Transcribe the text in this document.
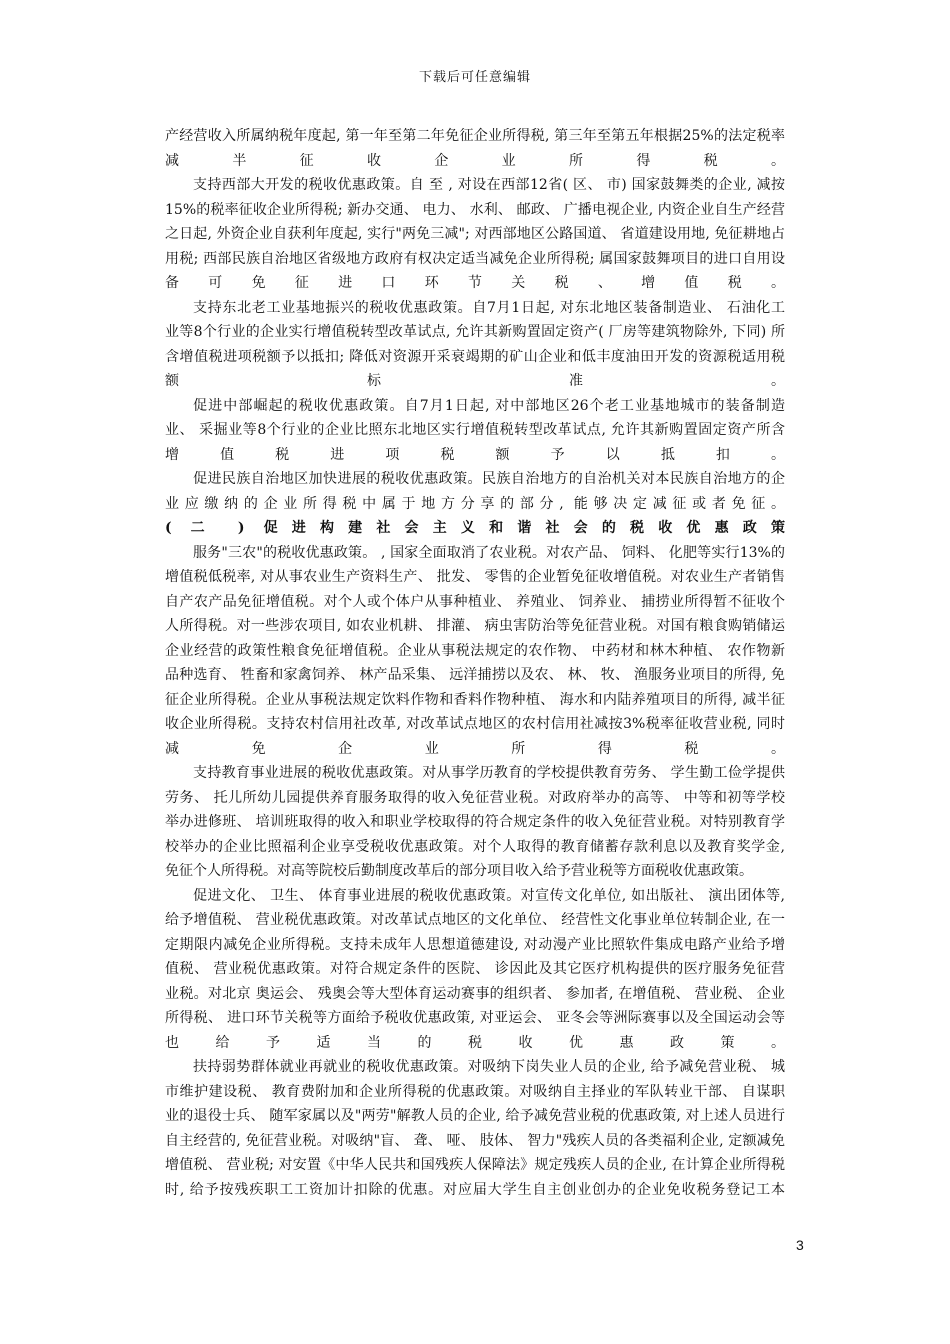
下载后可任意编辑
产经营收入所属纳税年度起, 第一年至第二年免征企业所得税, 第三年至第五年根据25%的法定税率
减半征收企业所得税。
支持西部大开发的税收优惠政策。自 至 , 对设在西部12省( 区、 市) 国家鼓舞类的企业, 减按
15%的税率征收企业所得税; 新办交通、 电力、 水利、 邮政、 广播电视企业, 内资企业自生产经营
之日起, 外资企业自获利年度起, 实行"两免三减"; 对西部地区公路国道、 省道建设用地, 免征耕地占
用税; 西部民族自治地区省级地方政府有权决定适当减免企业所得税; 属国家鼓舞项目的进口自用设
备可免征进口环节关税、增值税。
支持东北老工业基地振兴的税收优惠政策。自7月1日起, 对东北地区装备制造业、 石油化工
业等8个行业的企业实行增值税转型改革试点, 允许其新购置固定资产( 厂房等建筑物除外, 下同) 所
含增值税进项税额予以抵扣; 降低对资源开采衰竭期的矿山企业和低丰度油田开发的资源税适用税
额标准。
促进中部崛起的税收优惠政策。自7月1日起, 对中部地区26个老工业基地城市的装备制造
业、 采掘业等8个行业的企业比照东北地区实行增值税转型改革试点, 允许其新购置固定资产所含
增值税进项税额予以抵扣。
促进民族自治地区加快进展的税收优惠政策。民族自治地方的自治机关对本民族自治地方的企
业应缴纳的企业所得税中属于地方分享的部分, 能够决定减征或者免征。
( 二 ) 促进构建社会主义和谐社会的税收优惠政策
服务"三农"的税收优惠政策。 , 国家全面取消了农业税。对农产品、 饲料、 化肥等实行13%的
增值税低税率, 对从事农业生产资料生产、 批发、 零售的企业暂免征收增值税。对农业生产者销售
自产农产品免征增值税。对个人或个体户从事种植业、 养殖业、 饲养业、 捕捞业所得暂不征收个
人所得税。对一些涉农项目, 如农业机耕、 排灌、 病虫害防治等免征营业税。对国有粮食购销储运
企业经营的政策性粮食免征增值税。企业从事税法规定的农作物、 中药材和林木种植、 农作物新
品种选育、 牲畜和家禽饲养、 林产品采集、 远洋捕捞以及农、 林、 牧、 渔服务业项目的所得, 免
征企业所得税。企业从事税法规定饮料作物和香料作物种植、 海水和内陆养殖项目的所得, 减半征
收企业所得税。支持农村信用社改革, 对改革试点地区的农村信用社减按3%税率征收营业税, 同时
减免企业所得税。
支持教育事业进展的税收优惠政策。对从事学历教育的学校提供教育劳务、 学生勤工俭学提供
劳务、 托儿所幼儿园提供养育服务取得的收入免征营业税。对政府举办的高等、 中等和初等学校
举办进修班、 培训班取得的收入和职业学校取得的符合规定条件的收入免征营业税。对特别教育学
校举办的企业比照福利企业享受税收优惠政策。对个人取得的教育储蓄存款利息以及教育奖学金,
免征个人所得税。对高等院校后勤制度改革后的部分项目收入给予营业税等方面税收优惠政策。
促进文化、 卫生、 体育事业进展的税收优惠政策。对宣传文化单位, 如出版社、 演出团体等,
给予增值税、 营业税优惠政策。对改革试点地区的文化单位、 经营性文化事业单位转制企业, 在一
定期限内减免企业所得税。支持未成年人思想道德建设, 对动漫产业比照软件集成电路产业给予增
值税、 营业税优惠政策。对符合规定条件的医院、 诊因此及其它医疗机构提供的医疗服务免征营
业税。对北京 奥运会、 残奥会等大型体育运动赛事的组织者、 参加者, 在增值税、 营业税、 企业
所得税、 进口环节关税等方面给予税收优惠政策, 对亚运会、 亚冬会等洲际赛事以及全国运动会等
也给予适当的税收优惠政策。
扶持弱势群体就业再就业的税收优惠政策。对吸纳下岗失业人员的企业, 给予减免营业税、 城
市维护建设税、 教育费附加和企业所得税的优惠政策。对吸纳自主择业的军队转业干部、 自谋职
业的退役士兵、 随军家属以及"两劳"解教人员的企业, 给予减免营业税的优惠政策, 对上述人员进行
自主经营的, 免征营业税。对吸纳"盲、 聋、 哑、 肢体、 智力"残疾人员的各类福利企业, 定额减免
增值税、 营业税; 对安置《中华人民共和国残疾人保障法》规定残疾人员的企业, 在计算企业所得税
时, 给予按残疾职工工资加计扣除的优惠。对应届大学生自主创业创办的企业免收税务登记工本
3
